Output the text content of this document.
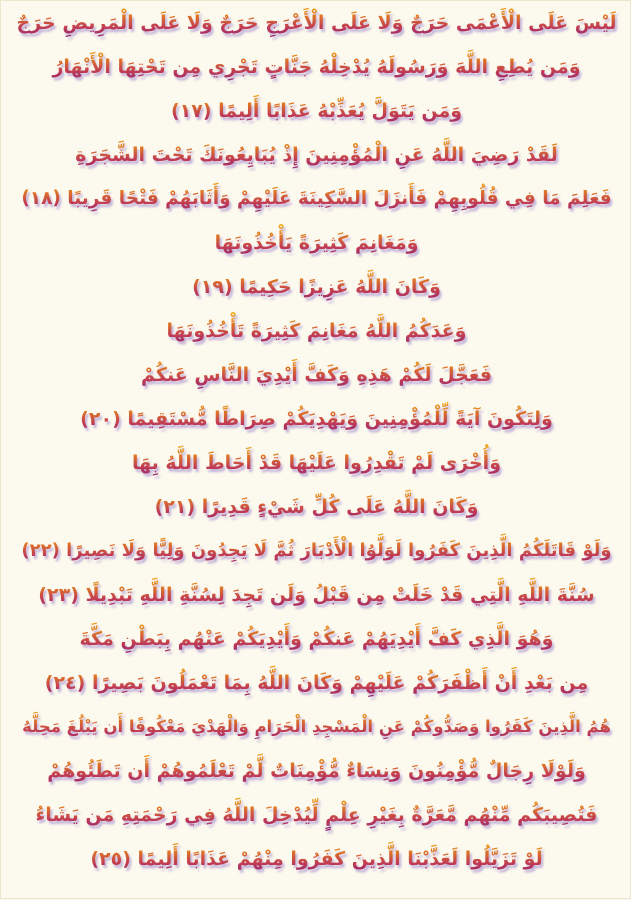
لَيْسَ عَلَى الْأَعْمَى حَرَجٌ وَلَا عَلَى الْأَعْرَجِ حَرَجٌ وَلَا عَلَى الْمَرِيضِ حَرَجٌ
وَمَن يُطِعِ اللَّهَ وَرَسُولَهُ يُدْخِلْهُ جَنَّاتٍ تَجْرِي مِن تَحْتِهَا الْأَنْهَارُ
وَمَن يَتَوَلَّ يُعَذِّبْهُ عَذَابًا أَلِيمًا (١٧)
لَقَدْ رَضِيَ اللَّهُ عَنِ الْمُؤْمِنِينَ إِذْ يُبَايِعُونَكَ تَحْتَ الشَّجَرَةِ
فَعَلِمَ مَا فِي قُلُوبِهِمْ فَأَنزَلَ السَّكِينَةَ عَلَيْهِمْ وَأَثَابَهُمْ فَتْحًا قَرِيبًا (١٨)
وَمَغَانِمَ كَثِيرَةً يَأْخُذُونَهَا
وَكَانَ اللَّهُ عَزِيزًا حَكِيمًا (١٩)
وَعَدَكُمُ اللَّهُ مَغَانِمَ كَثِيرَةً تَأْخُذُونَهَا
فَعَجَّلَ لَكُمْ هَذِهِ وَكَفَّ أَيْدِيَ النَّاسِ عَنكُمْ
وَلِتَكُونَ آيَةً لِّلْمُؤْمِنِينَ وَيَهْدِيَكُمْ صِرَاطًا مُّسْتَقِيمًا (٢٠)
وَأُخْرَى لَمْ تَقْدِرُوا عَلَيْهَا قَدْ أَحَاطَ اللَّهُ بِهَا
وَكَانَ اللَّهُ عَلَى كُلِّ شَيْءٍ قَدِيرًا (٢١)
وَلَوْ قَاتَلَكُمُ الَّذِينَ كَفَرُوا لَوَلَّوُا الْأَدْبَارَ ثُمَّ لَا يَجِدُونَ وَلِيًّا وَلَا نَصِيرًا (٢٢)
سُنَّةَ اللَّهِ الَّتِي قَدْ خَلَتْ مِن قَبْلُ وَلَن تَجِدَ لِسُنَّةِ اللَّهِ تَبْدِيلًا (٢٣)
وَهُوَ الَّذِي كَفَّ أَيْدِيَهُمْ عَنكُمْ وَأَيْدِيَكُمْ عَنْهُم بِبَطْنِ مَكَّةَ
مِن بَعْدِ أَنْ أَظْفَرَكُمْ عَلَيْهِمْ وَكَانَ اللَّهُ بِمَا تَعْمَلُونَ بَصِيرًا (٢٤)
هُمُ الَّذِينَ كَفَرُوا وَصَدُّوكُمْ عَنِ الْمَسْجِدِ الْحَرَامِ وَالْهَدْيَ مَعْكُوفًا أَن يَبْلُغَ مَحِلَّهُ
وَلَوْلَا رِجَالٌ مُّؤْمِنُونَ وَنِسَاءٌ مُّؤْمِنَاتٌ لَّمْ تَعْلَمُوهُمْ أَن تَطَئُوهُمْ
فَتُصِيبَكُم مِّنْهُم مَّعَرَّةٌ بِغَيْرِ عِلْمٍ لِّيُدْخِلَ اللَّهُ فِي رَحْمَتِهِ مَن يَشَاءُ
لَوْ تَزَيَّلُوا لَعَذَّبْنَا الَّذِينَ كَفَرُوا مِنْهُمْ عَذَابًا أَلِيمًا (٢٥)
